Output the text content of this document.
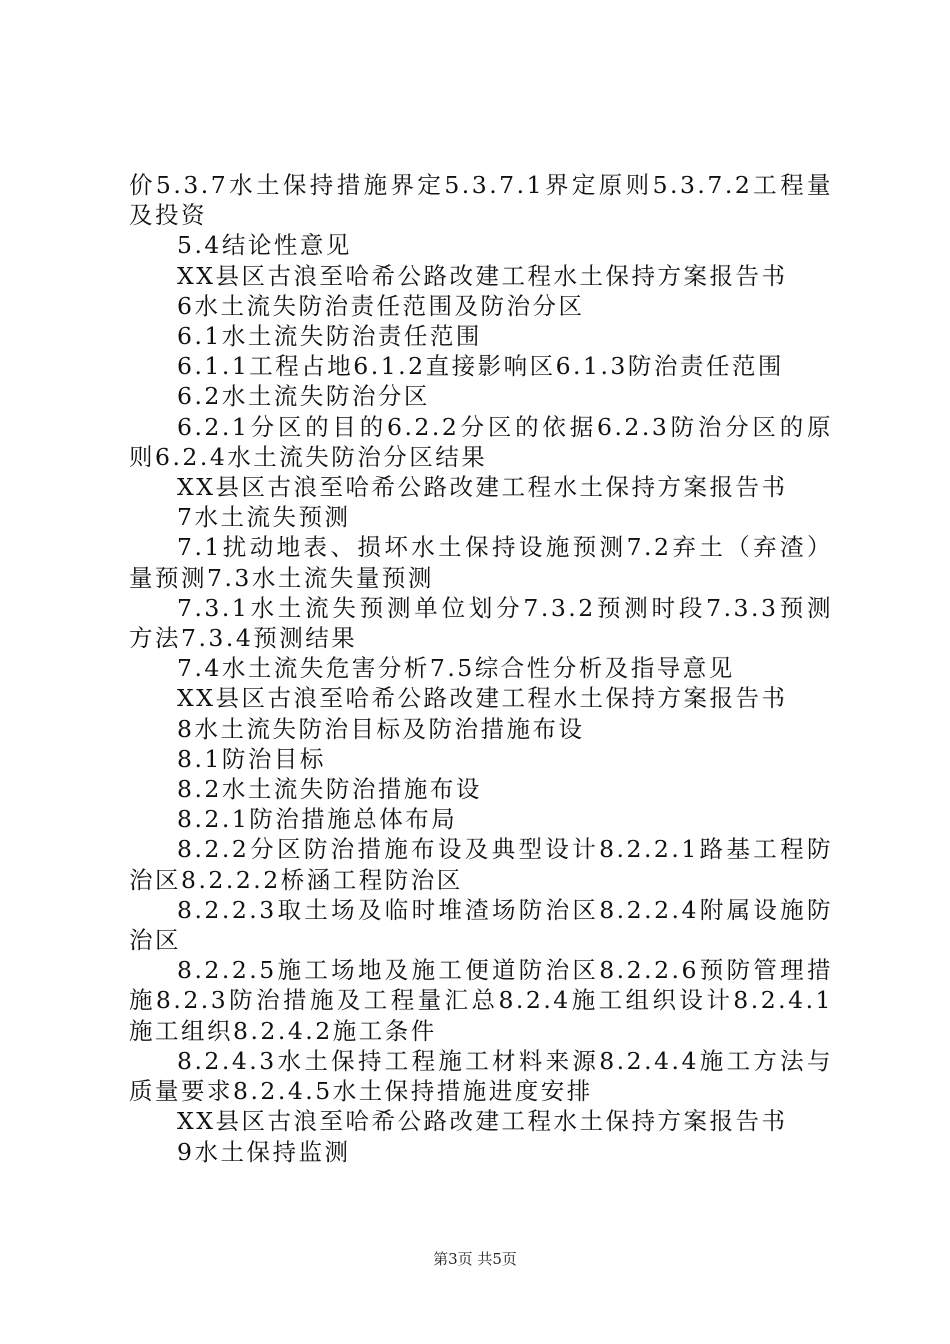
价5.3.7水土保持措施界定5.3.7.1界定原则5.3.7.2工程量及投资

5.4结论性意见

XX县区古浪至哈希公路改建工程水土保持方案报告书

6水土流失防治责任范围及防治分区

6.1水土流失防治责任范围

6.1.1工程占地6.1.2直接影响区6.1.3防治责任范围

6.2水土流失防治分区

6.2.1分区的目的6.2.2分区的依据6.2.3防治分区的原则6.2.4水土流失防治分区结果

XX县区古浪至哈希公路改建工程水土保持方案报告书

7水土流失预测

7.1扰动地表、损坏水土保持设施预测7.2弃土（弃渣）量预测7.3水土流失量预测

7.3.1水土流失预测单位划分7.3.2预测时段7.3.3预测方法7.3.4预测结果

7.4水土流失危害分析7.5综合性分析及指导意见

XX县区古浪至哈希公路改建工程水土保持方案报告书

8水土流失防治目标及防治措施布设

8.1防治目标

8.2水土流失防治措施布设

8.2.1防治措施总体布局

8.2.2分区防治措施布设及典型设计8.2.2.1路基工程防治区8.2.2.2桥涵工程防治区

8.2.2.3取土场及临时堆渣场防治区8.2.2.4附属设施防治区

8.2.2.5施工场地及施工便道防治区8.2.2.6预防管理措施8.2.3防治措施及工程量汇总8.2.4施工组织设计8.2.4.1施工组织8.2.4.2施工条件

8.2.4.3水土保持工程施工材料来源8.2.4.4施工方法与质量要求8.2.4.5水土保持措施进度安排

XX县区古浪至哈希公路改建工程水土保持方案报告书

9水土保持监测

第3页 共5页
